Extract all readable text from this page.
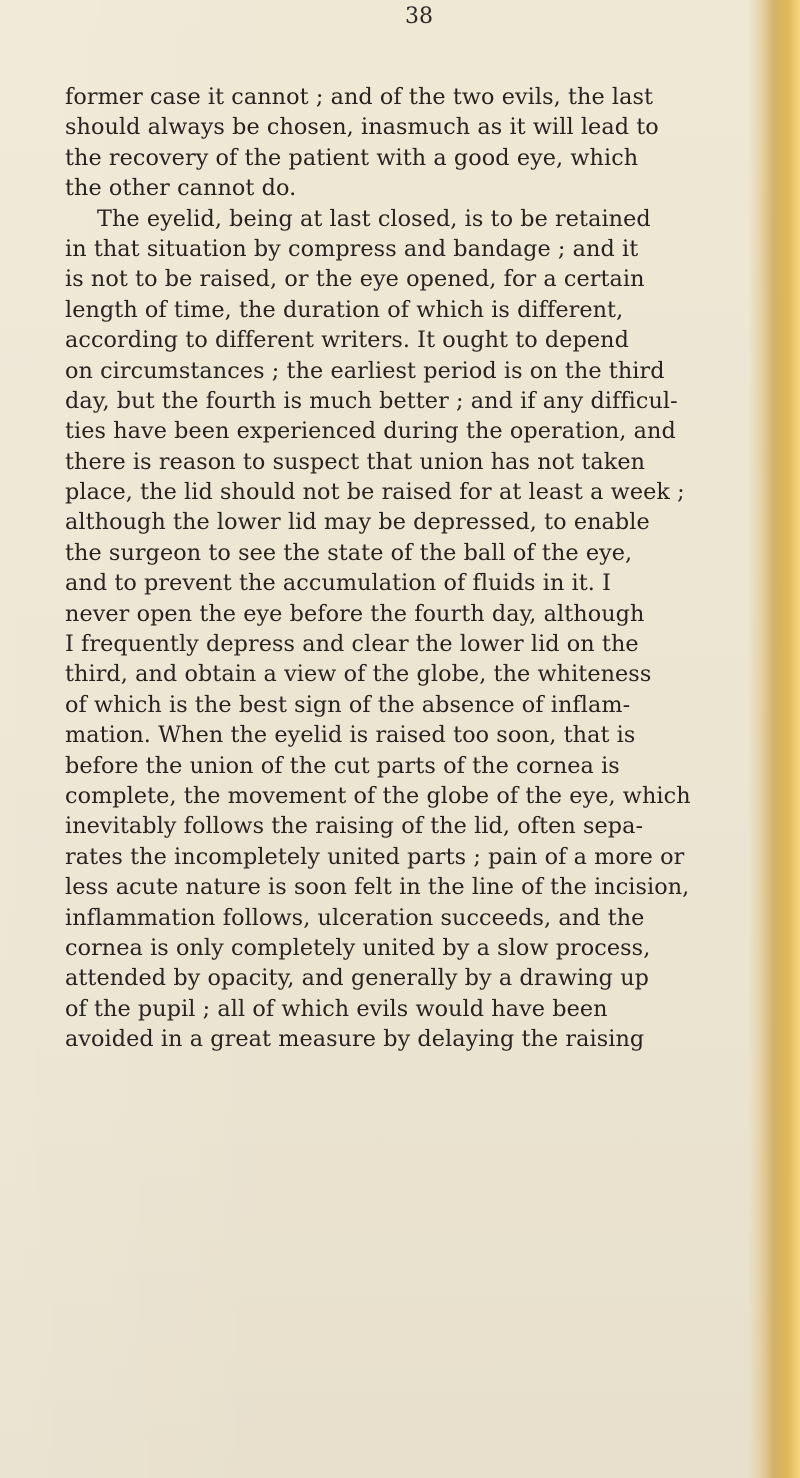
38
former case it cannot ; and of the two evils, the last
should always be chosen, inasmuch as it will lead to
the recovery of the patient with a good eye, which
the other cannot do.
The eyelid, being at last closed, is to be retained
in that situation by compress and bandage ; and it
is not to be raised, or the eye opened, for a certain
length of time, the duration of which is different,
according to different writers. It ought to depend
on circumstances ; the earliest period is on the third
day, but the fourth is much better ; and if any difficul-
ties have been experienced during the operation, and
there is reason to suspect that union has not taken
place, the lid should not be raised for at least a week ;
although the lower lid may be depressed, to enable
the surgeon to see the state of the ball of the eye,
and to prevent the accumulation of fluids in it. I
never open the eye before the fourth day, although
I frequently depress and clear the lower lid on the
third, and obtain a view of the globe, the whiteness
of which is the best sign of the absence of inflam-
mation. When the eyelid is raised too soon, that is
before the union of the cut parts of the cornea is
complete, the movement of the globe of the eye, which
inevitably follows the raising of the lid, often sepa-
rates the incompletely united parts ; pain of a more or
less acute nature is soon felt in the line of the incision,
inflammation follows, ulceration succeeds, and the
cornea is only completely united by a slow process,
attended by opacity, and generally by a drawing up
of the pupil ; all of which evils would have been
avoided in a great measure by delaying the raising
